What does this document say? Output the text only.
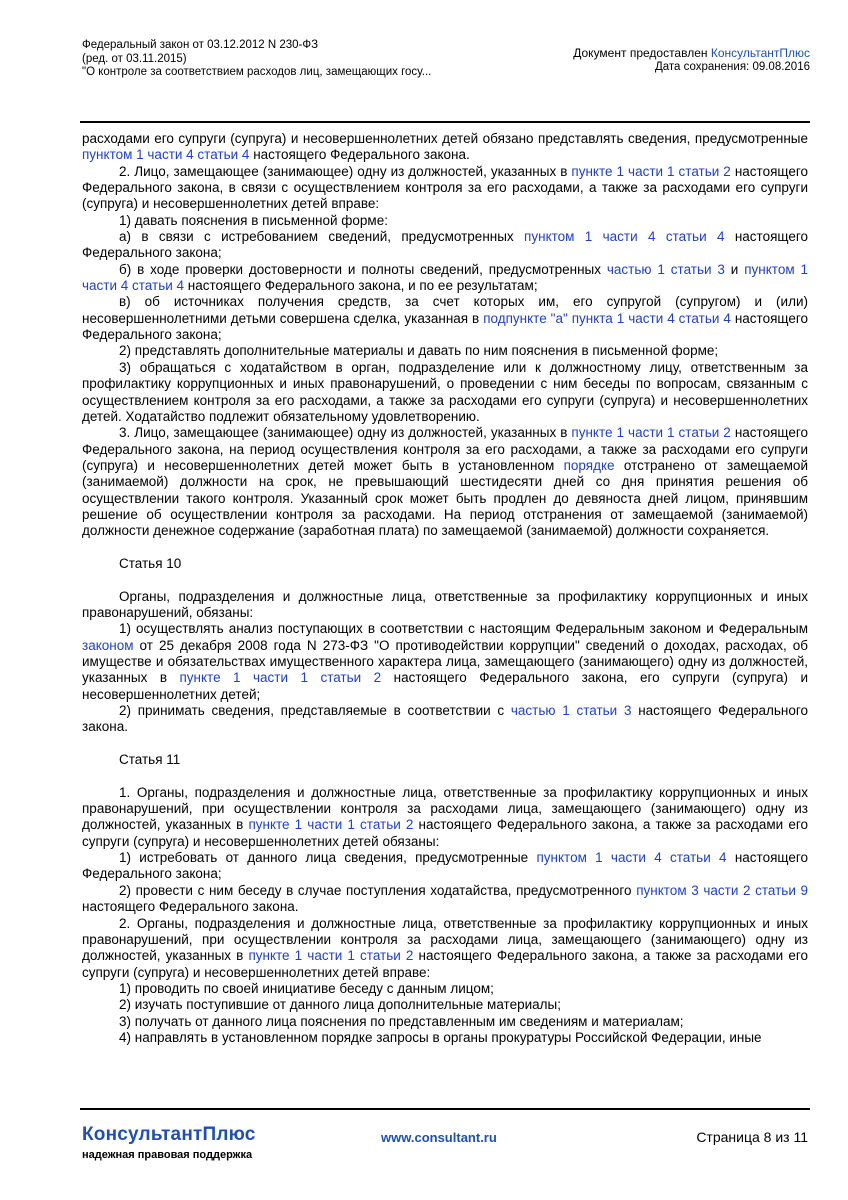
Федеральный закон от 03.12.2012 N 230-ФЗ
(ред. от 03.11.2015)
"О контроле за соответствием расходов лиц, замещающих госу...
Документ предоставлен КонсультантПлюс
Дата сохранения: 09.08.2016

расходами его супруги (супруга) и несовершеннолетних детей обязано представлять сведения, предусмотренные пунктом 1 части 4 статьи 4 настоящего Федерального закона.

2. Лицо, замещающее (занимающее) одну из должностей, указанных в пункте 1 части 1 статьи 2 настоящего Федерального закона, в связи с осуществлением контроля за его расходами, а также за расходами его супруги (супруга) и несовершеннолетних детей вправе:

1) давать пояснения в письменной форме:

а) в связи с истребованием сведений, предусмотренных пунктом 1 части 4 статьи 4 настоящего Федерального закона;

б) в ходе проверки достоверности и полноты сведений, предусмотренных частью 1 статьи 3 и пунктом 1 части 4 статьи 4 настоящего Федерального закона, и по ее результатам;

в) об источниках получения средств, за счет которых им, его супругой (супругом) и (или) несовершеннолетними детьми совершена сделка, указанная в подпункте "а" пункта 1 части 4 статьи 4 настоящего Федерального закона;

2) представлять дополнительные материалы и давать по ним пояснения в письменной форме;

3) обращаться с ходатайством в орган, подразделение или к должностному лицу, ответственным за профилактику коррупционных и иных правонарушений, о проведении с ним беседы по вопросам, связанным с осуществлением контроля за его расходами, а также за расходами его супруги (супруга) и несовершеннолетних детей. Ходатайство подлежит обязательному удовлетворению.

3. Лицо, замещающее (занимающее) одну из должностей, указанных в пункте 1 части 1 статьи 2 настоящего Федерального закона, на период осуществления контроля за его расходами, а также за расходами его супруги (супруга) и несовершеннолетних детей может быть в установленном порядке отстранено от замещаемой (занимаемой) должности на срок, не превышающий шестидесяти дней со дня принятия решения об осуществлении такого контроля. Указанный срок может быть продлен до девяноста дней лицом, принявшим решение об осуществлении контроля за расходами. На период отстранения от замещаемой (занимаемой) должности денежное содержание (заработная плата) по замещаемой (занимаемой) должности сохраняется.

Статья 10

Органы, подразделения и должностные лица, ответственные за профилактику коррупционных и иных правонарушений, обязаны:

1) осуществлять анализ поступающих в соответствии с настоящим Федеральным законом и Федеральным законом от 25 декабря 2008 года N 273-ФЗ "О противодействии коррупции" сведений о доходах, расходах, об имуществе и обязательствах имущественного характера лица, замещающего (занимающего) одну из должностей, указанных в пункте 1 части 1 статьи 2 настоящего Федерального закона, его супруги (супруга) и несовершеннолетних детей;

2) принимать сведения, представляемые в соответствии с частью 1 статьи 3 настоящего Федерального закона.

Статья 11

1. Органы, подразделения и должностные лица, ответственные за профилактику коррупционных и иных правонарушений, при осуществлении контроля за расходами лица, замещающего (занимающего) одну из должностей, указанных в пункте 1 части 1 статьи 2 настоящего Федерального закона, а также за расходами его супруги (супруга) и несовершеннолетних детей обязаны:

1) истребовать от данного лица сведения, предусмотренные пунктом 1 части 4 статьи 4 настоящего Федерального закона;

2) провести с ним беседу в случае поступления ходатайства, предусмотренного пунктом 3 части 2 статьи 9 настоящего Федерального закона.

2. Органы, подразделения и должностные лица, ответственные за профилактику коррупционных и иных правонарушений, при осуществлении контроля за расходами лица, замещающего (занимающего) одну из должностей, указанных в пункте 1 части 1 статьи 2 настоящего Федерального закона, а также за расходами его супруги (супруга) и несовершеннолетних детей вправе:

1) проводить по своей инициативе беседу с данным лицом;

2) изучать поступившие от данного лица дополнительные материалы;

3) получать от данного лица пояснения по представленным им сведениям и материалам;

4) направлять в установленном порядке запросы в органы прокуратуры Российской Федерации, иные

КонсультантПлюс
надежная правовая поддержка
www.consultant.ru	Страница 8 из 11
